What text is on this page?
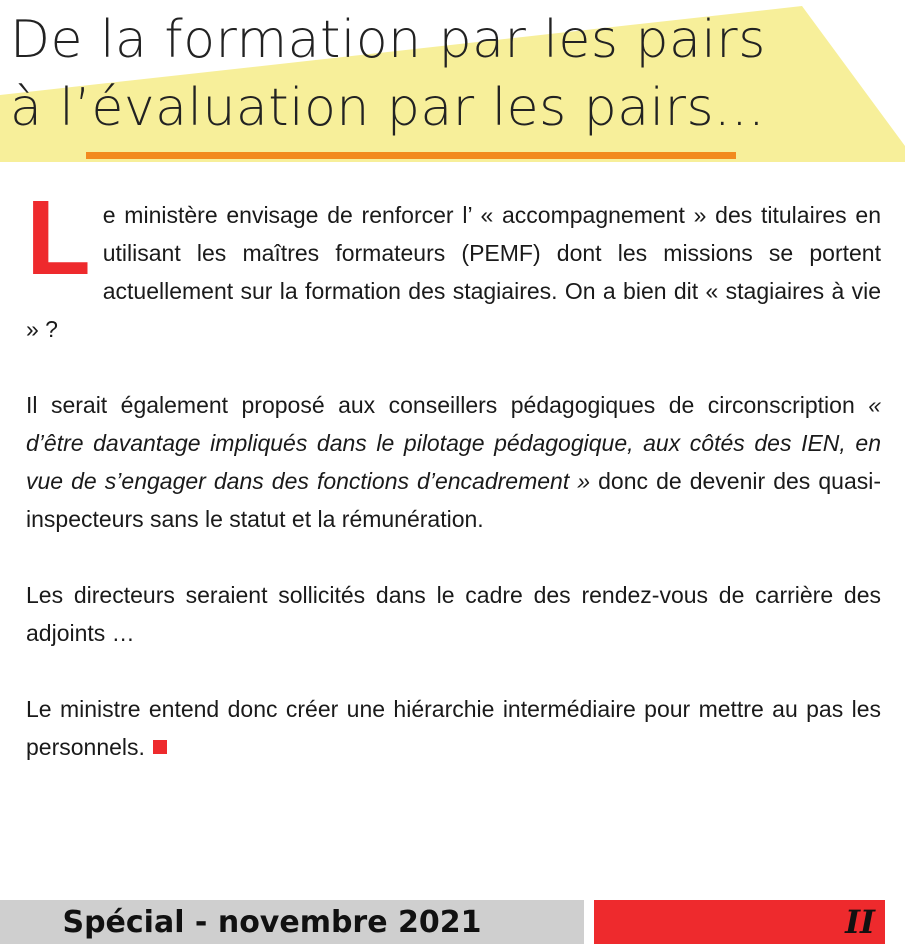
De la formation par les pairs
à l’évaluation par les pairs...

L e ministère envisage de renforcer l’ « accompagnement » des titulaires en utilisant les maîtres formateurs (PEMF) dont les missions se portent actuellement sur la formation des stagiaires. On a bien dit « stagiaires à vie » ?

Il serait également proposé aux conseillers pédagogiques de circonscription « d’être davantage impliqués dans le pilotage pédagogique, aux côtés des IEN, en vue de s’engager dans des fonctions d’encadrement » donc de devenir des quasi-inspecteurs sans le statut et la rémunération.

Les directeurs seraient sollicités dans le cadre des rendez-vous de carrière des adjoints …

Le ministre entend donc créer une hiérarchie intermédiaire pour mettre au pas les personnels.

Spécial - novembre 2021	II
